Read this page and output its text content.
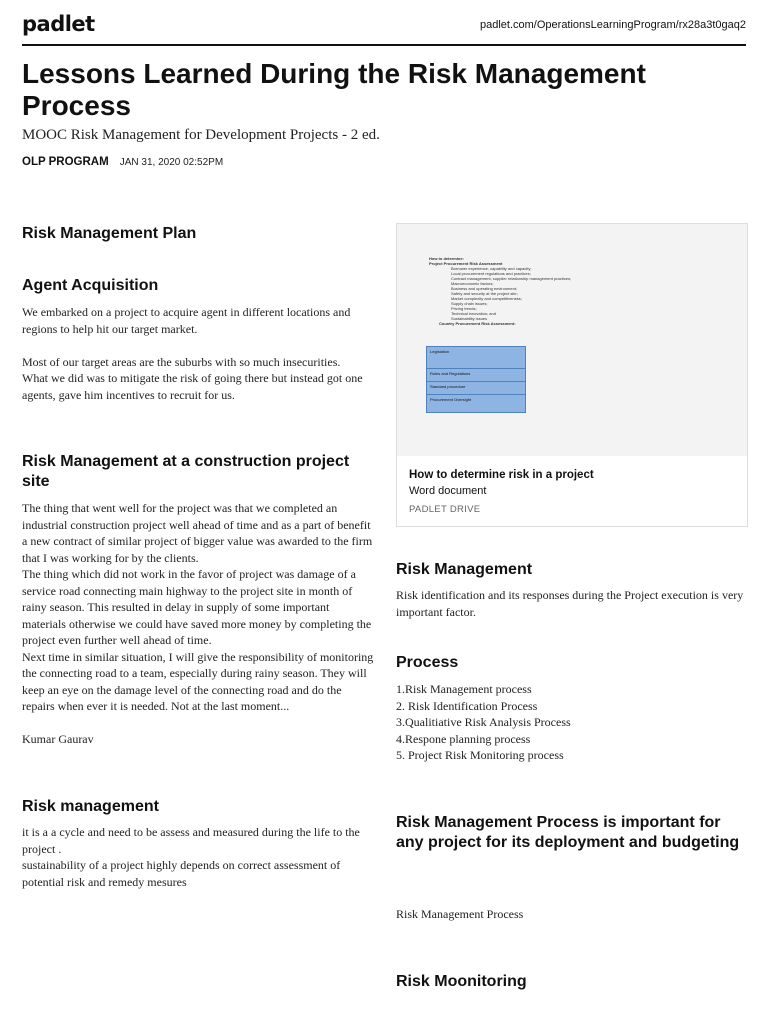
padlet	padlet.com/OperationsLearningProgram/rx28a3t0gaq2
Lessons Learned During the Risk Management Process
MOOC Risk Management for Development Projects - 2 ed.
OLP PROGRAM JAN 31, 2020 02:52PM
Risk Management Plan
Agent Acquisition

We embarked on a project to acquire agent in different locations and regions to help hit our target market.

Most of our target areas are the suburbs with so much insecurities.
What we did was to mitigate the risk of going there but instead got one agents, gave him incentives to recruit for us.

Risk Management at a construction project site

The thing that went well for the project was that we completed an industrial construction project well ahead of time and as a part of benefit a new contract of similar project of bigger value was awarded to the firm that I was working for by the clients.
The thing which did not work in the favor of project was damage of a service road connecting main highway to the project site in month of rainy season. This resulted in delay in supply of some important materials otherwise we could have saved more money by completing the project even further well ahead of time.
Next time in similar situation, I will give the responsibility of monitoring the connecting road to a team, especially during rainy season. They will keep an eye on the damage level of the connecting road and do the repairs when ever it is needed. Not at the last moment...

Kumar Gaurav

Risk management

it is a a cycle and need to be assess and measured during the life to the project .
sustainability of a project highly depends on correct assessment of potential risk and remedy mesures

How to determine:
Project Procurement Risk Assessment
Borrower experience, capability and capacity;
Local procurement regulations and practices;
Contract management, supplier relationship management practices;
Macroeconomic factors;
Business and operating environment;
Safety and security at the project site;
Market complexity and competitiveness;
Supply chain issues;
Pricing trends;
Technical innovation; and
Sustainability issues
Country Procurement Risk Assessment:
Legislation
Rules and Regulations
Standard procedure
Procurement Oversight
How to determine risk in a project
Word document
PADLET DRIVE
Risk Management

Risk identification and its responses during the Project execution is very important factor.

Process

1.Risk Management process
2. Risk Identification Process
3.Qualitiative Risk Analysis Process
4.Respone planning process
5. Project Risk Monitoring process

Risk Management Process is important for any project for its deployment and budgeting

Risk Management Process

Risk Moonitoring
